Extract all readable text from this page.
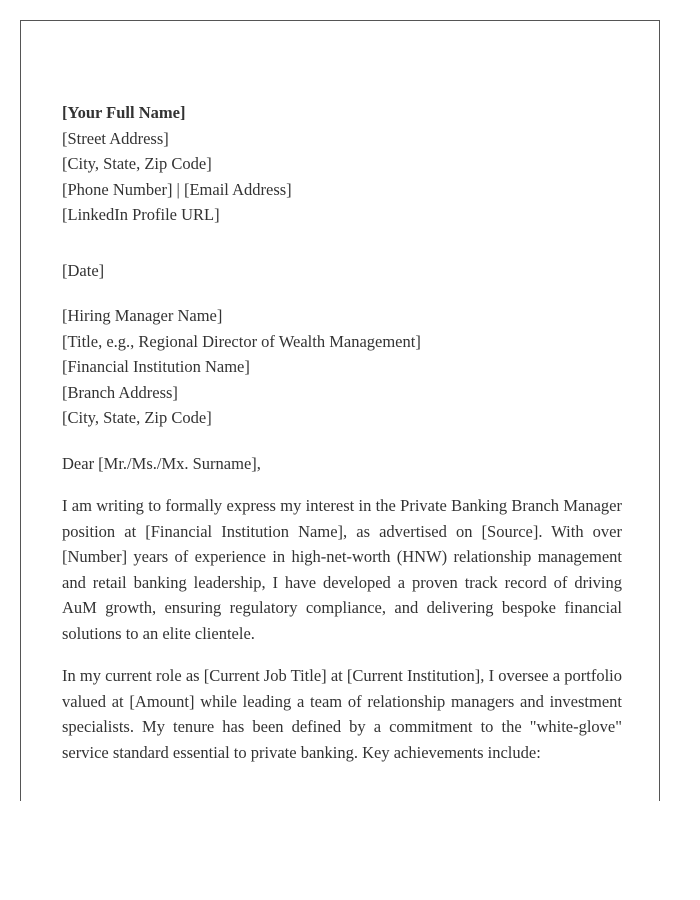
[Your Full Name]
[Street Address]
[City, State, Zip Code]
[Phone Number] | [Email Address]
[LinkedIn Profile URL]
[Date]
[Hiring Manager Name]
[Title, e.g., Regional Director of Wealth Management]
[Financial Institution Name]
[Branch Address]
[City, State, Zip Code]
Dear [Mr./Ms./Mx. Surname],

I am writing to formally express my interest in the Private Banking Branch Manager position at [Financial Institution Name], as advertised on [Source]. With over [Number] years of experience in high-net-worth (HNW) relationship management and retail banking leadership, I have developed a proven track record of driving AuM growth, ensuring regulatory compliance, and delivering bespoke financial solutions to an elite clientele.

In my current role as [Current Job Title] at [Current Institution], I oversee a portfolio valued at [Amount] while leading a team of relationship managers and investment specialists. My tenure has been defined by a commitment to the "white-glove" service standard essential to private banking. Key achievements include:
